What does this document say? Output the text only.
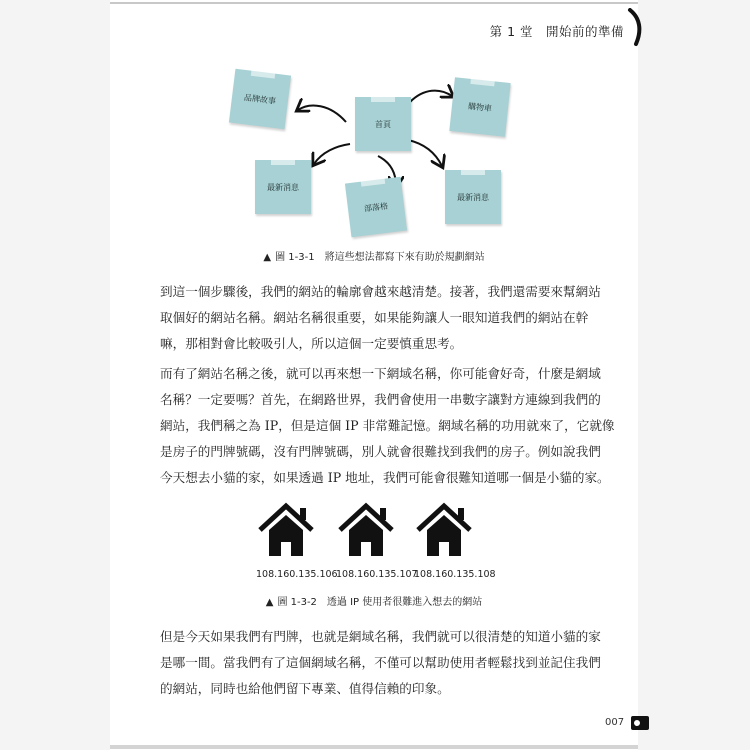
第 1 堂　開始前的準備
品牌故事
首頁
購物車
最新消息
部落格
最新消息
▲ 圖 1-3-1 將這些想法都寫下來有助於規劃網站
到這一個步驟後，我們的網站的輪廓會越來越清楚。接著，我們還需要來幫網站
取個好的網站名稱。網站名稱很重要，如果能夠讓人一眼知道我們的網站在幹
嘛，那相對會比較吸引人，所以這個一定要慎重思考。
而有了網站名稱之後，就可以再來想一下網域名稱，你可能會好奇，什麼是網域
名稱？一定要嗎？首先，在網路世界，我們會使用一串數字讓對方連線到我們的
網站，我們稱之為 IP，但是這個 IP 非常難記憶。網域名稱的功用就來了，它就像
是房子的門牌號碼，沒有門牌號碼，別人就會很難找到我們的房子。例如說我們
今天想去小貓的家，如果透過 IP 地址，我們可能會很難知道哪一個是小貓的家。
108.160.135.106
108.160.135.107
108.160.135.108
▲ 圖 1-3-2 透過 IP 使用者很難進入想去的網站
但是今天如果我們有門牌，也就是網域名稱，我們就可以很清楚的知道小貓的家
是哪一間。當我們有了這個網域名稱，不僅可以幫助使用者輕鬆找到並記住我們
的網站，同時也給他們留下專業、值得信賴的印象。
007
